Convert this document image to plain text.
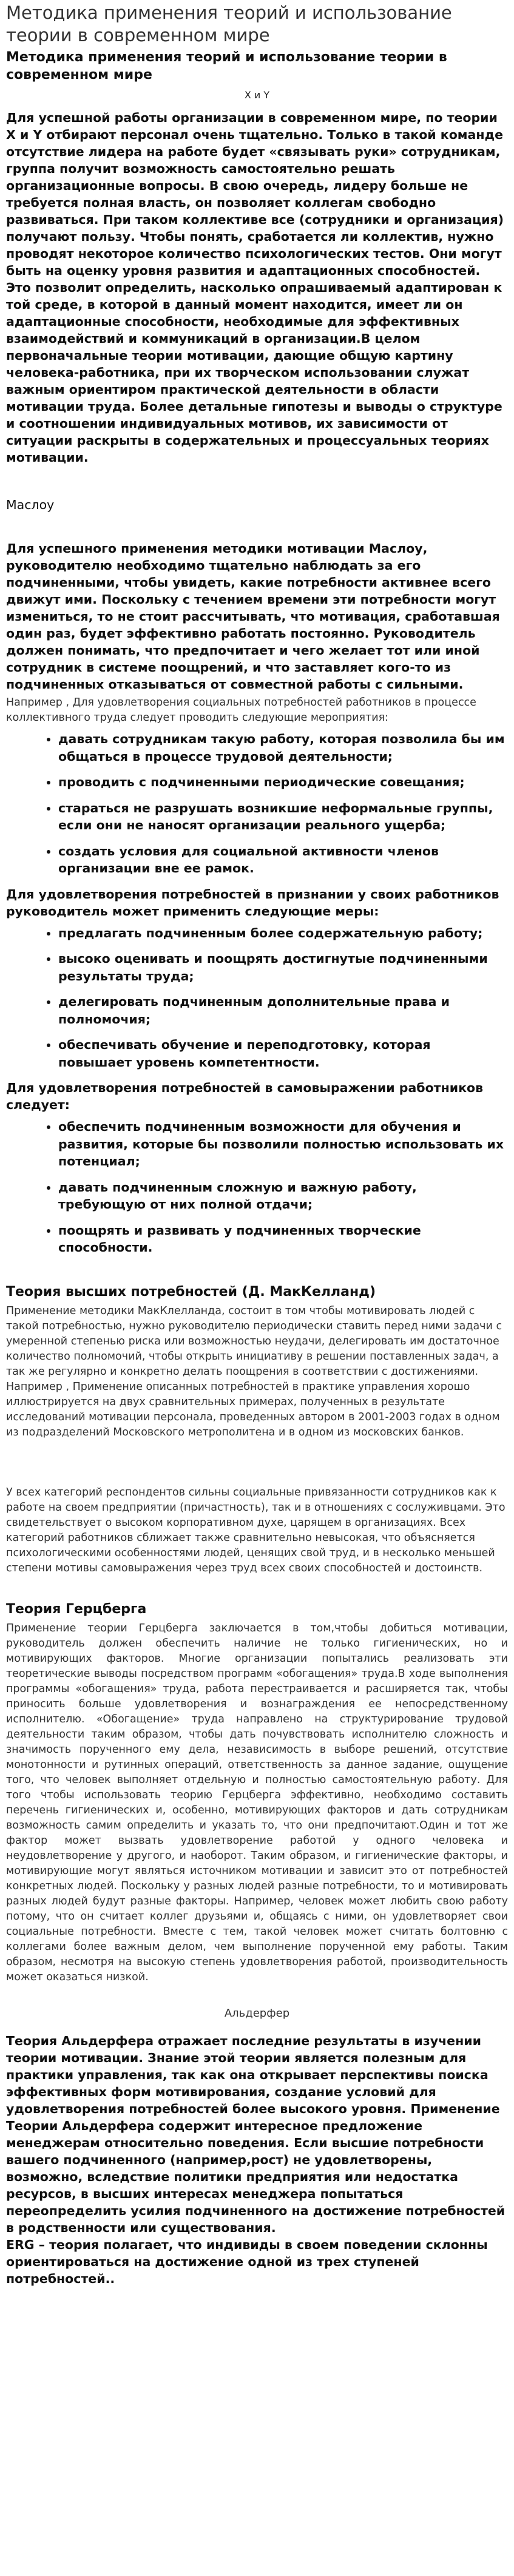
Методика применения теорий и использование теории в современном мире
Методика применения теорий и использование теории в современном мире

Х и Y

Для успешной работы организации в современном мире, по теории Х и Y отбирают персонал очень тщательно. Только в такой команде отсутствие лидера на работе будет «связывать руки» сотрудникам, группа получит возможность самостоятельно решать организационные вопросы. В свою очередь, лидеру больше не требуется полная власть, он позволяет коллегам свободно развиваться. При таком коллективе все (сотрудники и организация) получают пользу. Чтобы понять, сработается ли коллектив, нужно проводят некоторое количество психологических тестов. Они могут быть на оценку уровня развития и адаптационных способностей. Это позволит определить, насколько опрашиваемый адаптирован к той среде, в которой в данный момент находится, имеет ли он адаптационные способности, необходимые для эффективных взаимодействий и коммуникаций в организации.В целом первоначальные теории мотивации, дающие общую картину человека-работника, при их творческом использовании служат важным ориентиром практической деятельности в области мотивации труда. Более детальные гипотезы и выводы о структуре и соотношении индивидуальных мотивов, их зависимости от ситуации раскрыты в содержательных и процессуальных теориях мотивации.

Маслоу

Для успешного применения методики мотивации Маслоу, руководителю необходимо тщательно наблюдать за его подчиненными, чтобы увидеть, какие потребности активнее всего движут ими. Поскольку с течением времени эти потребности могут измениться, то не стоит рассчитывать, что мотивация, сработавшая один раз, будет эффективно работать постоянно. Руководитель должен понимать, что предпочитает и чего желает тот или иной сотрудник в системе поощрений, и что заставляет кого-то из подчиненных отказываться от совместной работы с сильными.

Например , Для удовлетворения социальных потребностей работников в процессе коллективного труда следует проводить следующие мероприятия:

• давать сотрудникам такую работу, которая позволила бы им общаться в процессе трудовой деятельности;
• проводить с подчиненными периодические совещания;
• стараться не разрушать возникшие неформальные группы, если они не наносят организации реального ущерба;
• создать условия для социальной активности членов организации вне ее рамок.

Для удовлетворения потребностей в признании у своих работников руководитель может применить следующие меры:

• предлагать подчиненным более содержательную работу;
• высоко оценивать и поощрять достигнутые подчиненными результаты труда;
• делегировать подчиненным дополнительные права и полномочия;
• обеспечивать обучение и переподготовку, которая повышает уровень компетентности.

Для удовлетворения потребностей в самовыражении работников следует:

• обеспечить подчиненным возможности для обучения и развития, которые бы позволили полностью использовать их потенциал;
• давать подчиненным сложную и важную работу, требующую от них полной отдачи;
• поощрять и развивать у подчиненных творческие способности.

Теория высших потребностей (Д. МакКелланд)

Применение методики МакКлелланда, состоит в том чтобы мотивировать людей с такой потребностью, нужно руководителю периодически ставить перед ними задачи с умеренной степенью риска или возможностью неудачи, делегировать им достаточное количество полномочий, чтобы открыть инициативу в решении поставленных задач, а так же регулярно и конкретно делать поощрения в соответствии с достижениями. Например , Применение описанных потребностей в практике управления хорошо иллюстрируется на двух сравнительных примерах, полученных в результате исследований мотивации персонала, проведенных автором в 2001-2003 годах в одном из подразделений Московского метрополитена и в одном из московских банков.

У всех категорий респондентов сильны социальные привязанности сотрудников как к работе на своем предприятии (причастность), так и в отношениях с сослуживцами. Это свидетельствует о высоком корпоративном духе, царящем в организациях. Всех категорий работников сближает также сравнительно невысокая, что объясняется психологическими особенностями людей, ценящих свой труд, и в несколько меньшей степени мотивы самовыражения через труд всех своих способностей и достоинств.

Теория Герцберга

Применение теории Герцберга заключается в том,чтобы добиться мотивации, руководитель должен обеспечить наличие не только гигиенических, но и мотивирующих факторов. Многие организации попытались реализовать эти теоретические выводы посредством программ «обогащения» труда.В ходе выполнения программы «обогащения» труда, работа перестраивается и расширяется так, чтобы приносить больше удовлетворения и вознаграждения ее непосредственному исполнителю. «Обогащение» труда направлено на структурирование трудовой деятельности таким образом, чтобы дать почувствовать исполнителю сложность и значимость порученного ему дела, независимость в выборе решений, отсутствие монотонности и рутинных операций, ответственность за данное задание, ощущение того, что человек выполняет отдельную и полностью самостоятельную работу. Для того чтобы использовать теорию Герцберга эффективно, необходимо составить перечень гигиенических и, особенно, мотивирующих факторов и дать сотрудникам возможность самим определить и указать то, что они предпочитают.Один и тот же фактор может вызвать удовлетворение работой у одного человека и неудовлетворение у другого, и наоборот. Таким образом, и гигиенические факторы, и мотивирующие могут являться источником мотивации и зависит это от потребностей конкретных людей. Поскольку у разных людей разные потребности, то и мотивировать разных людей будут разные факторы. Например, человек может любить свою работу потому, что он считает коллег друзьями и, общаясь с ними, он удовлетворяет свои социальные потребности. Вместе с тем, такой человек может считать болтовню с коллегами более важным делом, чем выполнение порученной ему работы. Таким образом, несмотря на высокую степень удовлетворения работой, производительность может оказаться низкой.

Альдерфер

Теория Альдерфера отражает последние результаты в изучении теории мотивации. Знание этой теории является полезным для практики управления, так как она открывает перспективы поиска эффективных форм мотивирования, создание условий для удовлетворения потребностей более высокого уровня. Применение Теории Альдерфера содержит интересное предложение менеджерам относительно поведения. Если высшие потребности вашего подчиненного (например,рост) не удовлетворены, возможно, вследствие политики предприятия или недостатка ресурсов, в высших интересах менеджера попытаться переопределить усилия подчиненного на достижение потребностей в родственности или существования.

ERG – теория полагает, что индивиды в своем поведении склонны ориентироваться на достижение одной из трех ступеней потребностей..
